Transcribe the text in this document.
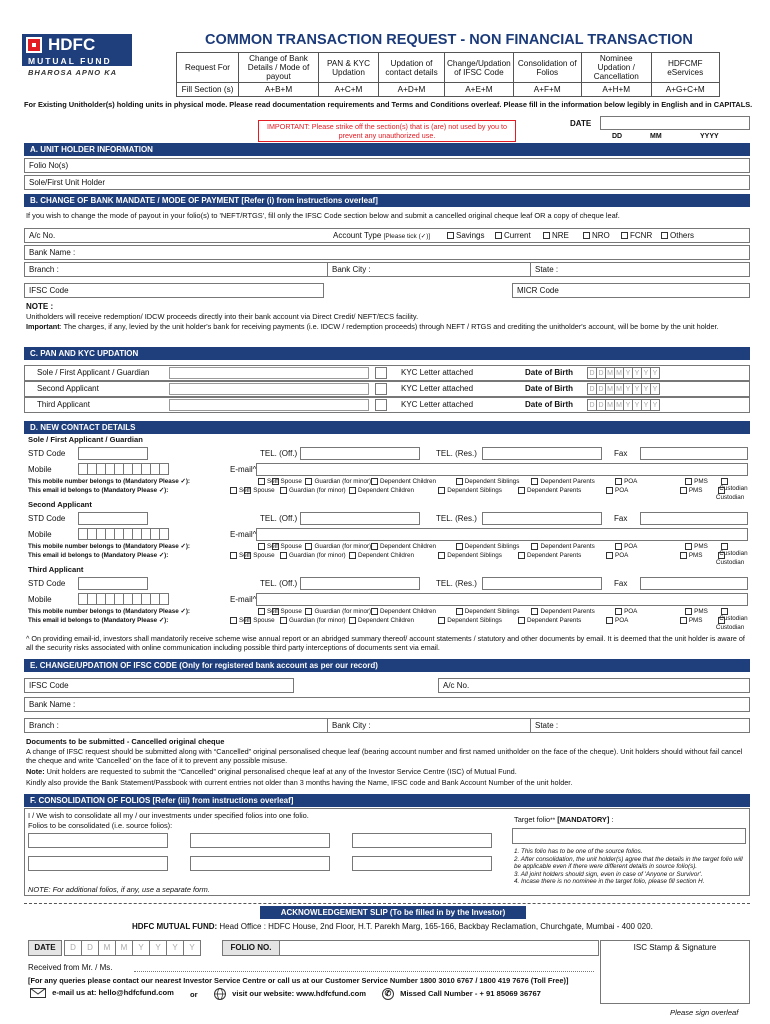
HDFC
MUTUAL FUND
BHAROSA APNO KA
COMMON TRANSACTION REQUEST - NON FINANCIAL TRANSACTION
Request For	Change of Bank Details / Mode of payout	PAN & KYC Updation	Updation of contact details	Change/Updation of IFSC Code	Consolidation of Folios	Nominee Updation / Cancellation	HDFCMF eServices
Fill Section (s)	A+B+M	A+C+M	A+D+M	A+E+M	A+F+M	A+H+M	A+G+C+M
For Existing Unitholder(s) holding units in physical mode. Please read documentation requirements and Terms and Conditions overleaf. Please fill in the information below legibly in English and in CAPITALS.
IMPORTANT: Please strike off the section(s) that is (are) not used by you to prevent any unauthorized use.
DATE
DD	MM	YYYY
A. UNIT HOLDER INFORMATION
Folio No(s)
Sole/First Unit Holder
B. CHANGE OF BANK MANDATE / MODE OF PAYMENT [Refer (i) from instructions overleaf]
If you wish to change the mode of payout in your folio(s) to 'NEFT/RTGS', fill only the IFSC Code section below and submit a cancelled original cheque leaf OR a copy of cheque leaf.
A/c No.	Account Type [Please tick (✓)]	Savings	Current	NRE	NRO	FCNR	Others
Bank Name :
Branch :	Bank City :	State :
IFSC Code	MICR Code
NOTE :
Unitholders will receive redemption/ IDCW proceeds directly into their bank account via Direct Credit/ NEFT/ECS facility.
Important: The charges, if any, levied by the unit holder's bank for receiving payments (i.e. IDCW / redemption proceeds) through NEFT / RTGS and crediting the unitholder's account, will be borne by the unit holder.
C. PAN AND KYC UPDATION
Sole / First Applicant / Guardian	KYC Letter attached	Date of Birth	D D M M Y Y Y Y
Second Applicant	KYC Letter attached	Date of Birth	D D M M Y Y Y Y
Third Applicant	KYC Letter attached	Date of Birth	D D M M Y Y Y Y
D. NEW CONTACT DETAILS
Sole / First Applicant / Guardian
STD Code	TEL. (Off.)	TEL. (Res.)	Fax
Mobile	E-mail^
This mobile number belongs to (Mandatory Please ✓):	Self Spouse	Guardian (for minor)	Dependent Children	Dependent Siblings	Dependent Parents	POA	PMS
Custodian
This email id belongs to (Mandatory Please ✓):	Self Spouse	Guardian (for minor)	Dependent Children	Dependent Siblings	Dependent Parents	POA	PMS
Custodian
Second Applicant
STD Code	TEL. (Off.)	TEL. (Res.)	Fax
Mobile	E-mail^
This mobile number belongs to (Mandatory Please ✓):	Self Spouse	Guardian (for minor)	Dependent Children	Dependent Siblings	Dependent Parents	POA	PMS
Custodian
This email id belongs to (Mandatory Please ✓):	Self Spouse	Guardian (for minor)	Dependent Children	Dependent Siblings	Dependent Parents	POA	PMS
Custodian
Third Applicant
STD Code	TEL. (Off.)	TEL. (Res.)	Fax
Mobile	E-mail^
This mobile number belongs to (Mandatory Please ✓):	Self Spouse	Guardian (for minor)	Dependent Children	Dependent Siblings	Dependent Parents	POA	PMS
Custodian
This email id belongs to (Mandatory Please ✓):	Self Spouse	Guardian (for minor)	Dependent Children	Dependent Siblings	Dependent Parents	POA	PMS
Custodian
^ On providing email-id, investors shall mandatorily receive scheme wise annual report or an abridged summary thereof/ account statements / statutory and other documents by email. It is deemed that the unit holder is aware of all the security risks associated with online communication including possible third party interceptions of documents sent via email.
E. CHANGE/UPDATION OF IFSC CODE (Only for registered bank account as per our record)
IFSC Code	A/c No.
Bank Name :
Branch :	Bank City :	State :
Documents to be submitted - Cancelled original cheque
A change of IFSC request should be submitted along with “Cancelled” original personalised cheque leaf (bearing account number and first named unitholder on the face of the cheque). Unit holders should without fail cancel the cheque and write 'Cancelled' on the face of it to prevent any possible misuse.
Note: Unit holders are requested to submit the “Cancelled” original personalised cheque leaf at any of the Investor Service Centre (ISC) of Mutual Fund.
Kindly also provide the Bank Statement/Passbook with current entries not older than 3 months having the Name, IFSC code and Bank Account Number of the unit holder.
F. CONSOLIDATION OF FOLIOS [Refer (iii) from instructions overleaf]
I / We wish to consolidate all my / our investments under specified folios into one folio.
Folios to be consolidated (i.e. source folios):
Target folio** [MANDATORY] :
1. This folio has to be one of the source folios.
2. After consolidation, the unit holder(s) agree that the details in the target folio will be applicable even if there were different details in source folio(s).
3. All joint holders should sign, even in case of 'Anyone or Survivor'.
4. Incase there is no nominee in the target folio, please fill section H.
NOTE: For additional folios, if any, use a separate form.
ACKNOWLEDGEMENT SLIP (To be filled in by the Investor)
HDFC MUTUAL FUND: Head Office : HDFC House, 2nd Floor, H.T. Parekh Marg, 165-166, Backbay Reclamation, Churchgate, Mumbai - 400 020.
DATE	D D M M Y Y Y Y	FOLIO NO.	ISC Stamp & Signature
Received from Mr. / Ms.
[For any queries please contact our nearest Investor Service Centre or call us at our Customer Service Number 1800 3010 6767 / 1800 419 7676 (Toll Free)]
e-mail us at: hello@hdfcfund.com or	visit our website: www.hdfcfund.com	✆ Missed Call Number - + 91 85069 36767
Please sign overleaf
